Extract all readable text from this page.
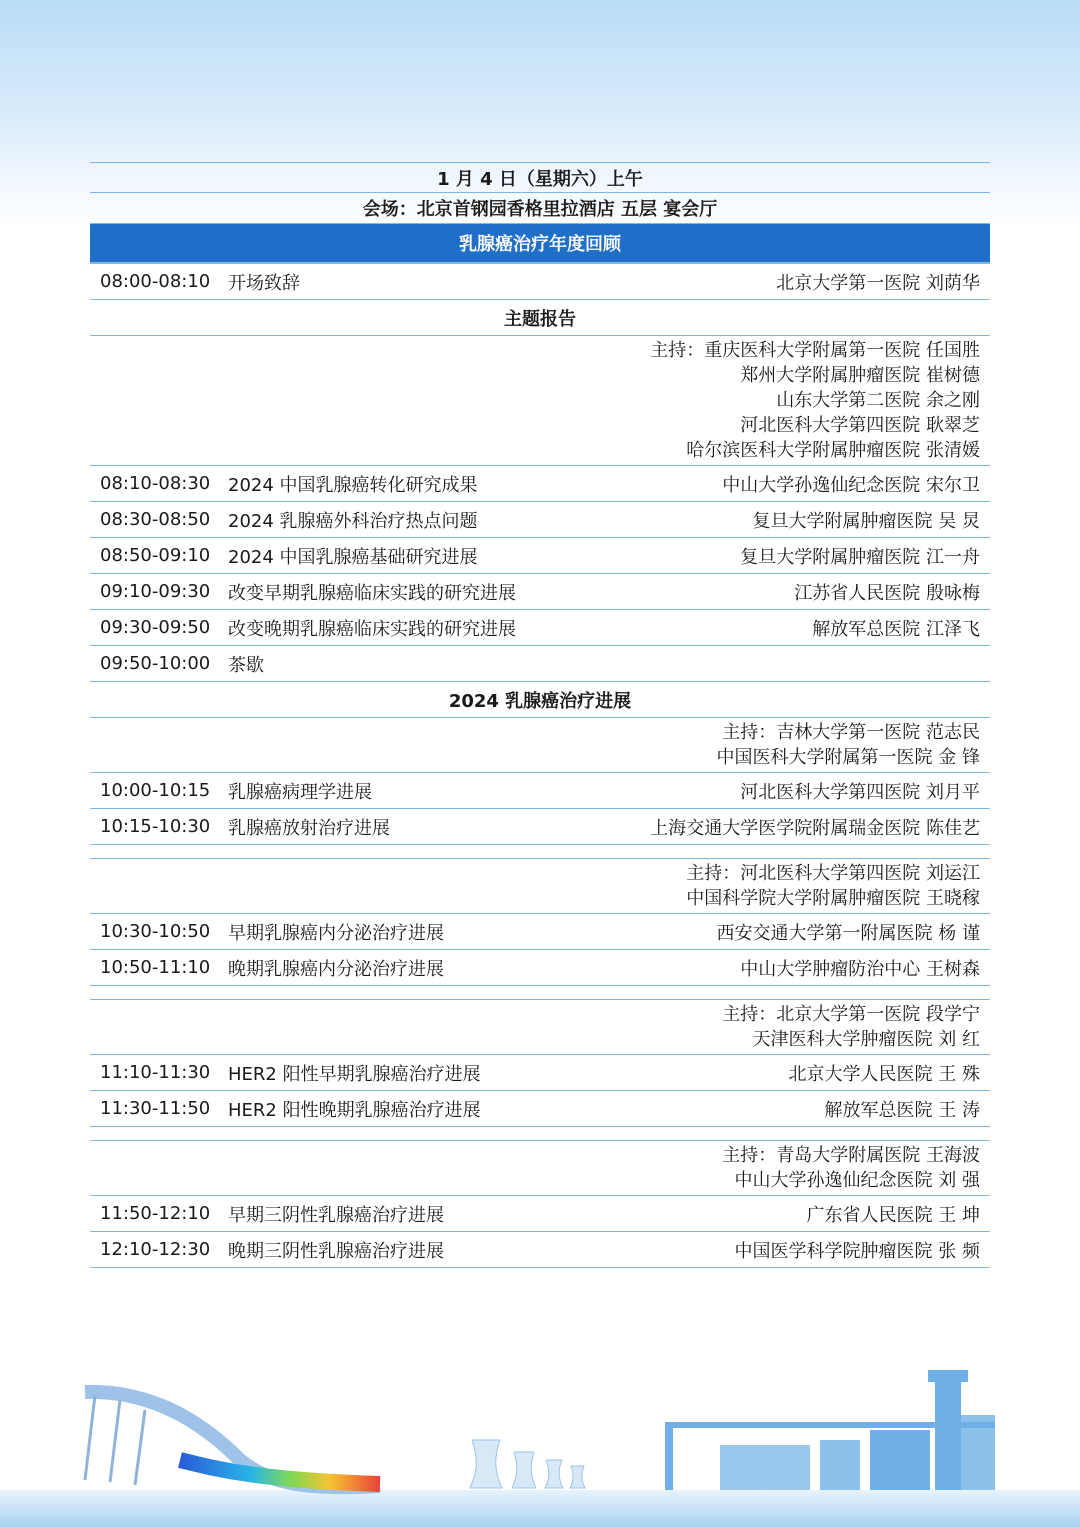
1 月 4 日（星期六）上午
会场：北京首钢园香格里拉酒店 五层 宴会厅
乳腺癌治疗年度回顾
08:00-08:10 开场致辞	北京大学第一医院 刘荫华
主题报告
主持：重庆医科大学附属第一医院 任国胜
郑州大学附属肿瘤医院 崔树德
山东大学第二医院 余之刚
河北医科大学第四医院 耿翠芝
哈尔滨医科大学附属肿瘤医院 张清媛
08:10-08:30 2024 中国乳腺癌转化研究成果	中山大学孙逸仙纪念医院 宋尔卫
08:30-08:50 2024 乳腺癌外科治疗热点问题	复旦大学附属肿瘤医院 吴 炅
08:50-09:10 2024 中国乳腺癌基础研究进展	复旦大学附属肿瘤医院 江一舟
09:10-09:30 改变早期乳腺癌临床实践的研究进展	江苏省人民医院 殷咏梅
09:30-09:50 改变晚期乳腺癌临床实践的研究进展	解放军总医院 江泽飞
09:50-10:00 茶歇
2024 乳腺癌治疗进展
主持：吉林大学第一医院 范志民
中国医科大学附属第一医院 金 锋
10:00-10:15 乳腺癌病理学进展	河北医科大学第四医院 刘月平
10:15-10:30 乳腺癌放射治疗进展	上海交通大学医学院附属瑞金医院 陈佳艺
主持：河北医科大学第四医院 刘运江
中国科学院大学附属肿瘤医院 王晓稼
10:30-10:50 早期乳腺癌内分泌治疗进展	西安交通大学第一附属医院 杨 谨
10:50-11:10 晚期乳腺癌内分泌治疗进展	中山大学肿瘤防治中心 王树森
主持：北京大学第一医院 段学宁
天津医科大学肿瘤医院 刘 红
11:10-11:30 HER2 阳性早期乳腺癌治疗进展	北京大学人民医院 王 殊
11:30-11:50 HER2 阳性晚期乳腺癌治疗进展	解放军总医院 王 涛
主持：青岛大学附属医院 王海波
中山大学孙逸仙纪念医院 刘 强
11:50-12:10 早期三阴性乳腺癌治疗进展	广东省人民医院 王 坤
12:10-12:30 晚期三阴性乳腺癌治疗进展	中国医学科学院肿瘤医院 张 频
